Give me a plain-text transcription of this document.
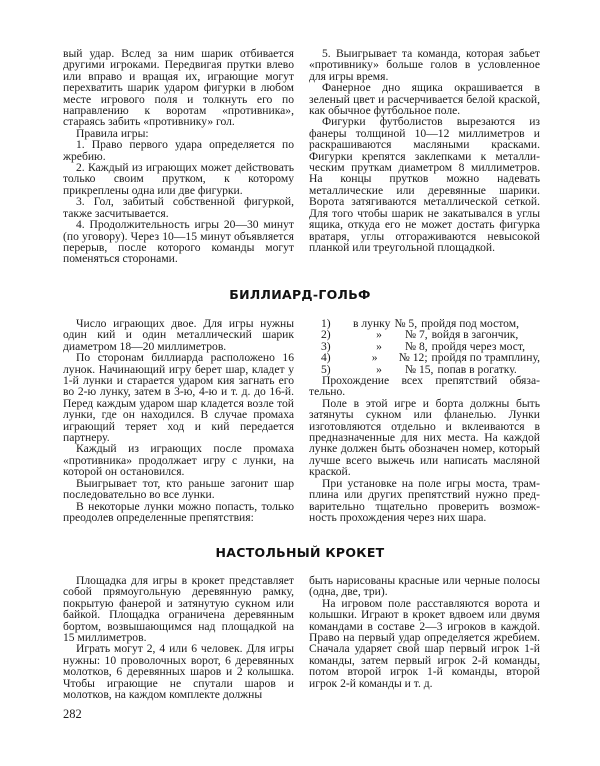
вый удар. Вслед за ним шарик отбивается другими игроками. Передвигая прутки влево или вправо и вращая их, играющие могут перехватить шарик ударом фигурки в любом месте игрового поля и толкнуть его по направлению к воротам «противника», стараясь забить «противнику» гол.

Правила игры:

1. Право первого удара определяется по жребию.

2. Каждый из играющих может действовать только своим прутком, к которому прикреплены одна или две фигурки.

3. Гол, забитый собственной фигуркой, также засчитывается.

4. Продолжительность игры 20—30 минут (по уговору). Через 10—15 минут объявляется перерыв, после которого команды могут поменяться сторонами.

5. Выигрывает та команда, которая забьет «противнику» больше голов в условленное для игры время.

Фанерное дно ящика окрашивается в зеленый цвет и расчерчивается белой краской, как обычное футбольное поле.

Фигурки футболистов вырезаются из фанеры толщиной 10—12 миллиметров и раскрашиваются масляными красками. Фигурки крепятся заклепками к металлическим пруткам диаметром 8 миллиметров. На концы прутков можно надевать металлические или деревянные шарики. Ворота затягиваются металлической сеткой. Для того чтобы шарик не закатывался в углы ящика, откуда его не может достать фигурка вратаря, углы отгораживаются невысокой планкой или треугольной площадкой.

БИЛЛИАРД-ГОЛЬФ

Число играющих двое. Для игры нужны один кий и один металлический шарик диаметром 18—20 миллиметров.

По сторонам биллиарда расположено 16 лунок. Начинающий игру берет шар, кладет у 1-й лунки и старается ударом кия загнать его во 2-ю лунку, затем в 3-ю, 4-ю и т. д. до 16-й. Перед каждым ударом шар кладется возле той лунки, где он находился. В случае промаха играющий теряет ход и кий передается партнеру.

Каждый из играющих после промаха «противника» продолжает игру с лунки, на которой он остановился.

Выигрывает тот, кто раньше загонит шар последовательно во все лунки.

В некоторые лунки можно попасть, только преодолев определенные препятствия:

1)	в лунку № 5, пройдя под мостом,
2)	»	№ 7, войдя в загончик,
3)	»	№ 8, пройдя через мост,
4)	»	№ 12; пройдя по трамплину,
5)	»	№ 15, попав в рогатку.

Прохождение всех препятствий обязательно.

Поле в этой игре и борта должны быть затянуты сукном или фланелью. Лунки изготовляются отдельно и вклеиваются в предназначенные для них места. На каждой лунке должен быть обозначен номер, который лучше всего выжечь или написать масляной краской.

При установке на поле игры моста, трамплина или других препятствий нужно предварительно тщательно проверить возможность прохождения через них шара.

НАСТОЛЬНЫЙ КРОКЕТ

Площадка для игры в крокет представляет собой прямоугольную деревянную рамку, покрытую фанерой и затянутую сукном или байкой. Площадка ограничена деревянным бортом, возвышающимся над площадкой на 15 миллиметров.

Играть могут 2, 4 или 6 человек. Для игры нужны: 10 проволочных ворот, 6 деревянных молотков, 6 деревянных шаров и 2 колышка. Чтобы играющие не спутали шаров и молотков, на каждом комплекте должны

быть нарисованы красные или черные полосы (одна, две, три).

На игровом поле расставляются ворота и колышки. Играют в крокет вдвоем или двумя командами в составе 2—3 игроков в каждой. Право на первый удар определяется жребием. Сначала ударяет свой шар первый игрок 1-й команды, затем первый игрок 2-й команды, потом второй игрок 1-й команды, второй игрок 2-й команды и т. д.

282
